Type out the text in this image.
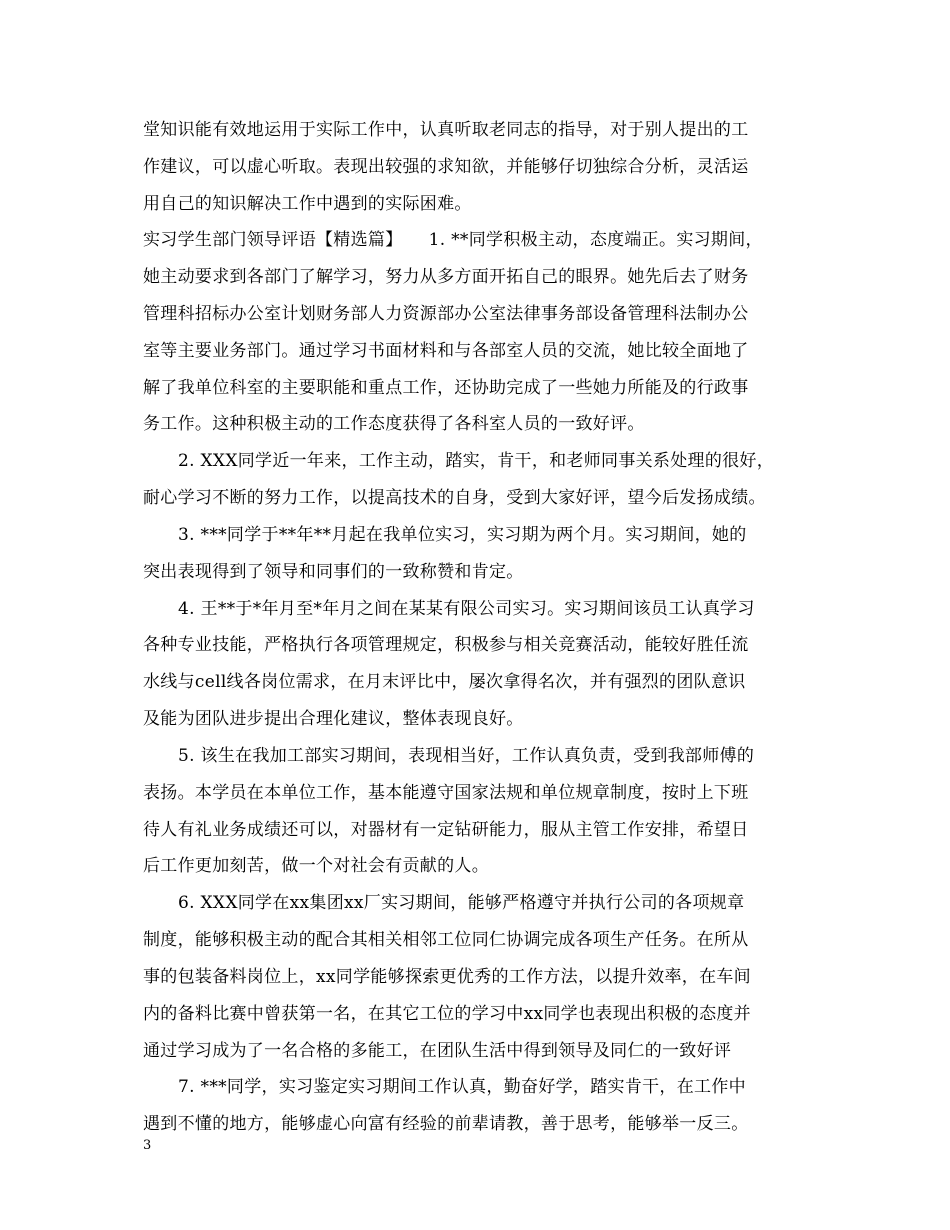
堂知识能有效地运用于实际工作中，认真听取老同志的指导，对于别人提出的工
作建议，可以虚心听取。表现出较强的求知欲，并能够仔切独综合分析，灵活运
用自己的知识解决工作中遇到的实际困难。
实习学生部门领导评语【精选篇】　　1. **同学积极主动，态度端正。实习期间，
她主动要求到各部门了解学习，努力从多方面开拓自己的眼界。她先后去了财务
管理科招标办公室计划财务部人力资源部办公室法律事务部设备管理科法制办公
室等主要业务部门。通过学习书面材料和与各部室人员的交流，她比较全面地了
解了我单位科室的主要职能和重点工作，还协助完成了一些她力所能及的行政事
务工作。这种积极主动的工作态度获得了各科室人员的一致好评。
2. XXX同学近一年来，工作主动，踏实，肯干，和老师同事关系处理的很好，
耐心学习不断的努力工作，以提高技术的自身，受到大家好评，望今后发扬成绩。
3. ***同学于**年**月起在我单位实习，实习期为两个月。实习期间，她的
突出表现得到了领导和同事们的一致称赞和肯定。
4. 王**于*年月至*年月之间在某某有限公司实习。实习期间该员工认真学习
各种专业技能，严格执行各项管理规定，积极参与相关竞赛活动，能较好胜任流
水线与cell线各岗位需求，在月末评比中，屡次拿得名次，并有强烈的团队意识
及能为团队进步提出合理化建议，整体表现良好。
5. 该生在我加工部实习期间，表现相当好，工作认真负责，受到我部师傅的
表扬。本学员在本单位工作，基本能遵守国家法规和单位规章制度，按时上下班
待人有礼业务成绩还可以，对器材有一定钻研能力，服从主管工作安排，希望日
后工作更加刻苦，做一个对社会有贡献的人。
6. XXX同学在xx集团xx厂实习期间，能够严格遵守并执行公司的各项规章
制度，能够积极主动的配合其相关相邻工位同仁协调完成各项生产任务。在所从
事的包装备料岗位上，xx同学能够探索更优秀的工作方法，以提升效率，在车间
内的备料比赛中曾获第一名，在其它工位的学习中xx同学也表现出积极的态度并
通过学习成为了一名合格的多能工，在团队生活中得到领导及同仁的一致好评
7. ***同学，实习鉴定实习期间工作认真，勤奋好学，踏实肯干，在工作中
遇到不懂的地方，能够虚心向富有经验的前辈请教，善于思考，能够举一反三。
3
